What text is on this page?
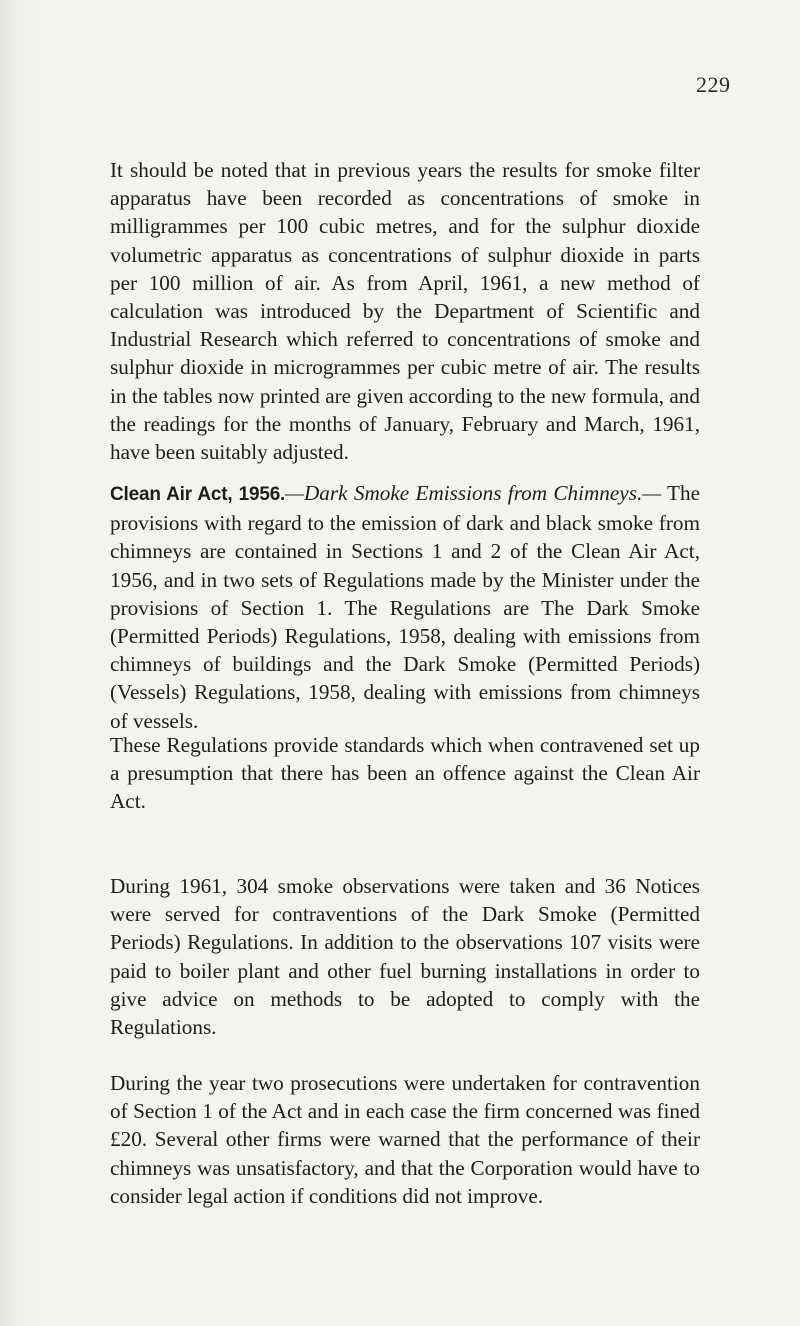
229

It should be noted that in previous years the results for smoke filter apparatus have been recorded as concentrations of smoke in milligrammes per 100 cubic metres, and for the sulphur dioxide volumetric apparatus as concentrations of sulphur dioxide in parts per 100 million of air. As from April, 1961, a new method of calculation was introduced by the Department of Scientific and Industrial Research which referred to concentrations of smoke and sulphur dioxide in microgrammes per cubic metre of air. The results in the tables now printed are given according to the new formula, and the readings for the months of January, February and March, 1961, have been suitably adjusted.

Clean Air Act, 1956.—Dark Smoke Emissions from Chimneys.— The provisions with regard to the emission of dark and black smoke from chimneys are contained in Sections 1 and 2 of the Clean Air Act, 1956, and in two sets of Regulations made by the Minister under the provisions of Section 1. The Regulations are The Dark Smoke (Permitted Periods) Regulations, 1958, dealing with emissions from chimneys of buildings and the Dark Smoke (Permitted Periods) (Vessels) Regulations, 1958, dealing with emissions from chimneys of vessels.

These Regulations provide standards which when contravened set up a presumption that there has been an offence against the Clean Air Act.

During 1961, 304 smoke observations were taken and 36 Notices were served for contraventions of the Dark Smoke (Permitted Periods) Regulations. In addition to the observations 107 visits were paid to boiler plant and other fuel burning installations in order to give advice on methods to be adopted to comply with the Regulations.

During the year two prosecutions were undertaken for contravention of Section 1 of the Act and in each case the firm concerned was fined £20. Several other firms were warned that the performance of their chimneys was unsatisfactory, and that the Corporation would have to consider legal action if conditions did not improve.
